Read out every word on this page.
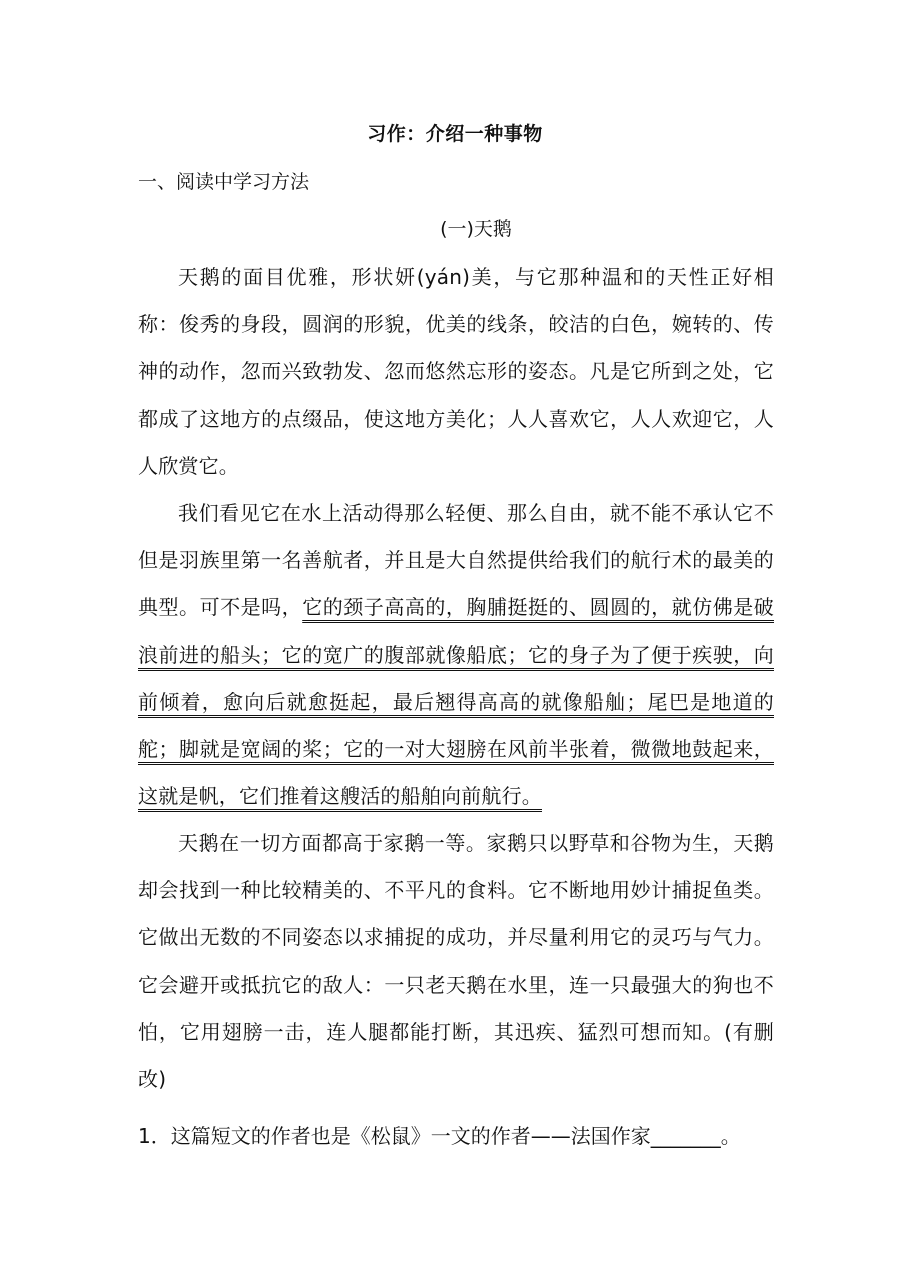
习作：介绍一种事物
一、阅读中学习方法
(一)天鹅

天鹅的面目优雅，形状妍(yán)美，与它那种温和的天性正好相称：俊秀的身段，圆润的形貌，优美的线条，皎洁的白色，婉转的、传神的动作，忽而兴致勃发、忽而悠然忘形的姿态。凡是它所到之处，它都成了这地方的点缀品，使这地方美化；人人喜欢它，人人欢迎它，人人欣赏它。

我们看见它在水上活动得那么轻便、那么自由，就不能不承认它不但是羽族里第一名善航者，并且是大自然提供给我们的航行术的最美的典型。可不是吗，它的颈子高高的，胸脯挺挺的、圆圆的，就仿佛是破浪前进的船头；它的宽广的腹部就像船底；它的身子为了便于疾驶，向前倾着，愈向后就愈挺起，最后翘得高高的就像船舢；尾巴是地道的舵；脚就是宽阔的桨；它的一对大翅膀在风前半张着，微微地鼓起来，这就是帆，它们推着这艘活的船舶向前航行。

天鹅在一切方面都高于家鹅一等。家鹅只以野草和谷物为生，天鹅却会找到一种比较精美的、不平凡的食料。它不断地用妙计捕捉鱼类。它做出无数的不同姿态以求捕捉的成功，并尽量利用它的灵巧与气力。它会避开或抵抗它的敌人：一只老天鹅在水里，连一只最强大的狗也不怕，它用翅膀一击，连人腿都能打断，其迅疾、猛烈可想而知。(有删改)

1．这篇短文的作者也是《松鼠》一文的作者——法国作家_______。
